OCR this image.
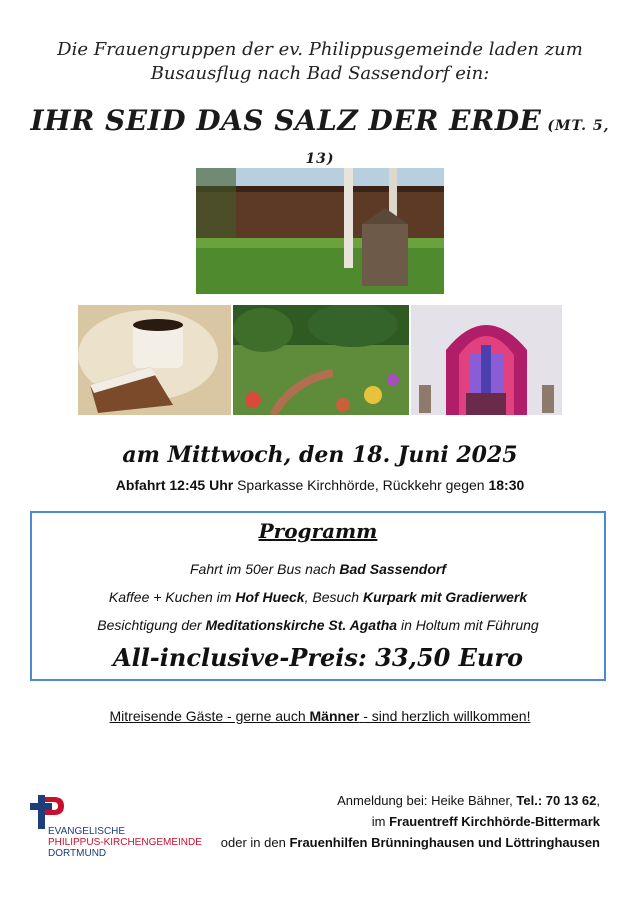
Die Frauengruppen der ev. Philippusgemeinde laden zum
Busausflug nach Bad Sassendorf ein:
IHR SEID DAS SALZ DER ERDE (MT. 5, 13)
am Mittwoch, den 18. Juni 2025
Abfahrt 12:45 Uhr Sparkasse Kirchhörde, Rückkehr gegen 18:30
Programm
Fahrt im 50er Bus nach Bad Sassendorf
Kaffee + Kuchen im Hof Hueck, Besuch Kurpark mit Gradierwerk
Besichtigung der Meditationskirche St. Agatha in Holtum mit Führung
All-inclusive-Preis: 33,50 Euro
Mitreisende Gäste - gerne auch Männer - sind herzlich willkommen!
EVANGELISCHE
PHILIPPUS-KIRCHENGEMEINDE
DORTMUND
Anmeldung bei: Heike Bähner, Tel.: 70 13 62,
im Frauentreff Kirchhörde-Bittermark
oder in den Frauenhilfen Brünninghausen und Löttringhausen
